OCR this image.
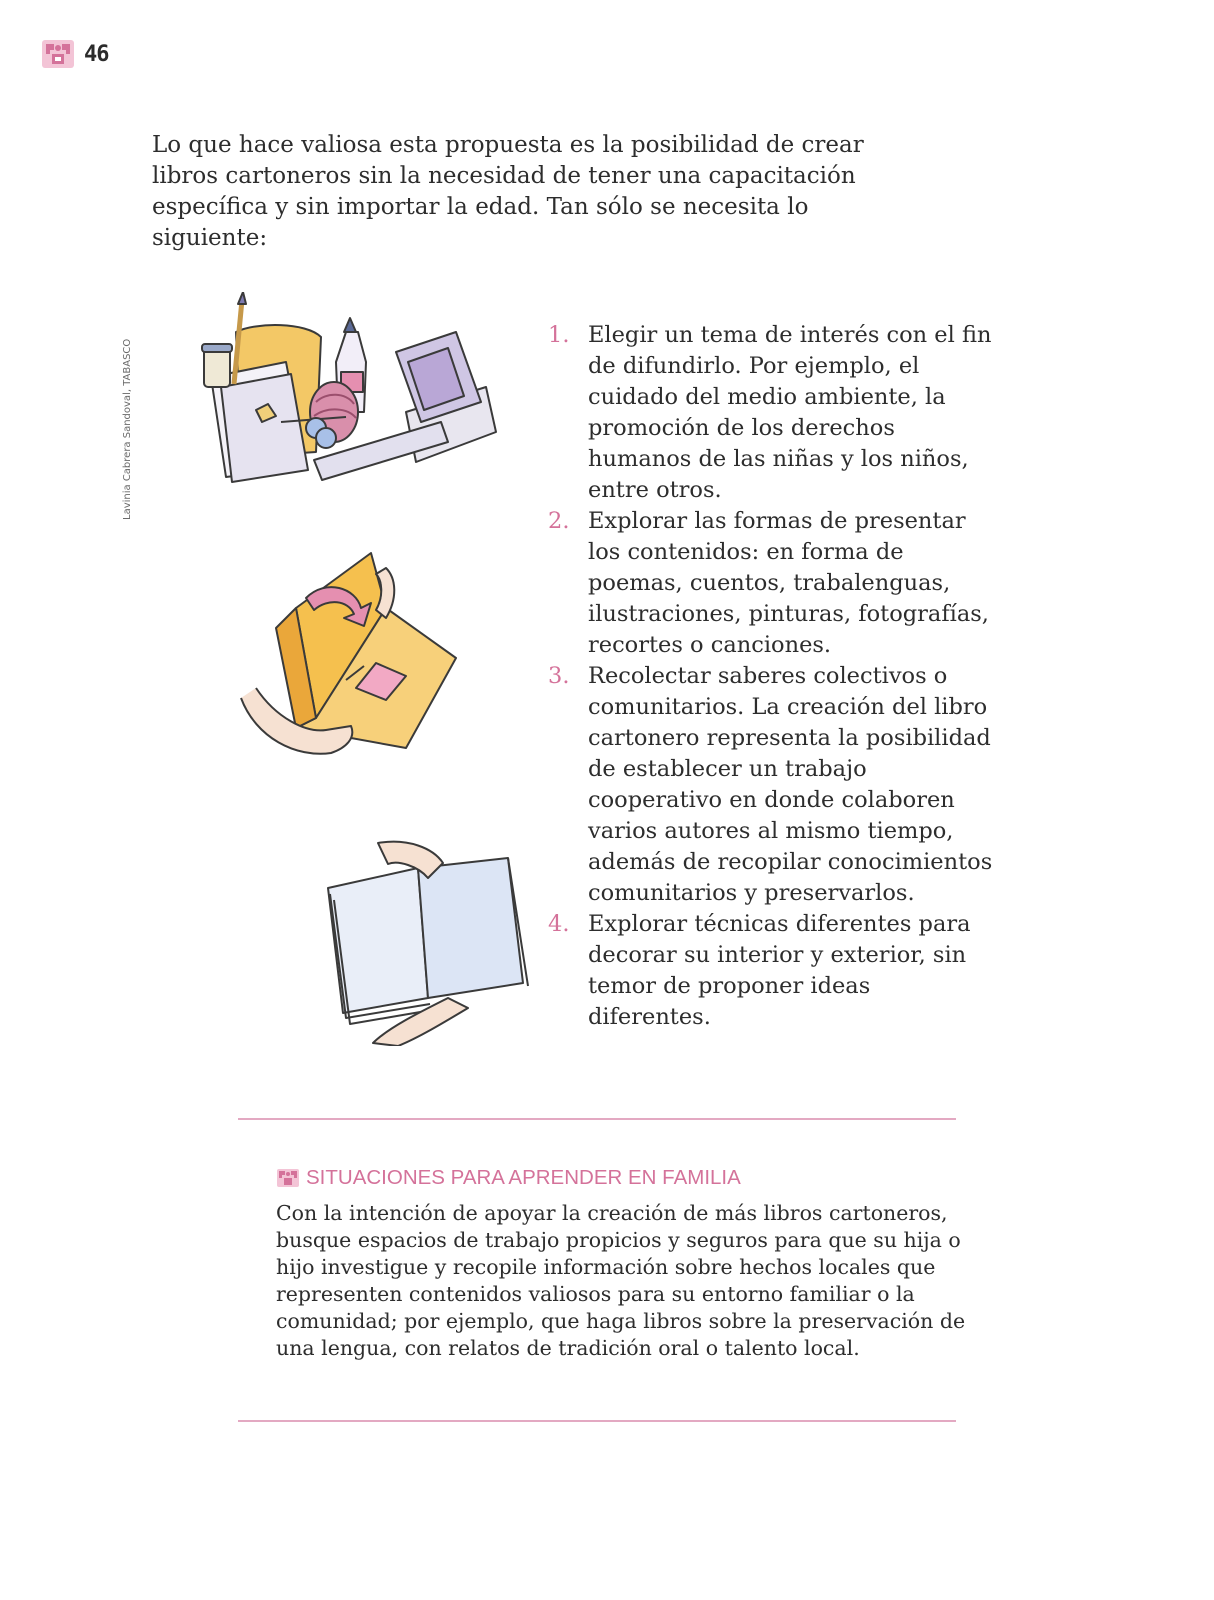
46
Lavinia Cabrera Sandoval, TABASCO

Lo que hace valiosa esta propuesta es la posibilidad de crear libros cartoneros sin la necesidad de tener una capacitación específica y sin importar la edad. Tan sólo se necesita lo siguiente:

1. Elegir un tema de interés con el fin de difundirlo. Por ejemplo, el cuidado del medio ambiente, la promoción de los derechos humanos de las niñas y los niños, entre otros.
2. Explorar las formas de presentar los contenidos: en forma de poemas, cuentos, trabalenguas, ilustraciones, pinturas, fotografías, recortes o canciones.
3. Recolectar saberes colectivos o comunitarios. La creación del libro cartonero representa la posibilidad de establecer un trabajo cooperativo en donde colaboren varios autores al mismo tiempo, además de recopilar conocimientos comunitarios y preservarlos.
4. Explorar técnicas diferentes para decorar su interior y exterior, sin temor de proponer ideas diferentes.
SITUACIONES PARA APRENDER EN FAMILIA

Con la intención de apoyar la creación de más libros cartoneros, busque espacios de trabajo propicios y seguros para que su hija o hijo investigue y recopile información sobre hechos locales que representen contenidos valiosos para su entorno familiar o la comunidad; por ejemplo, que haga libros sobre la preservación de una lengua, con relatos de tradición oral o talento local.
